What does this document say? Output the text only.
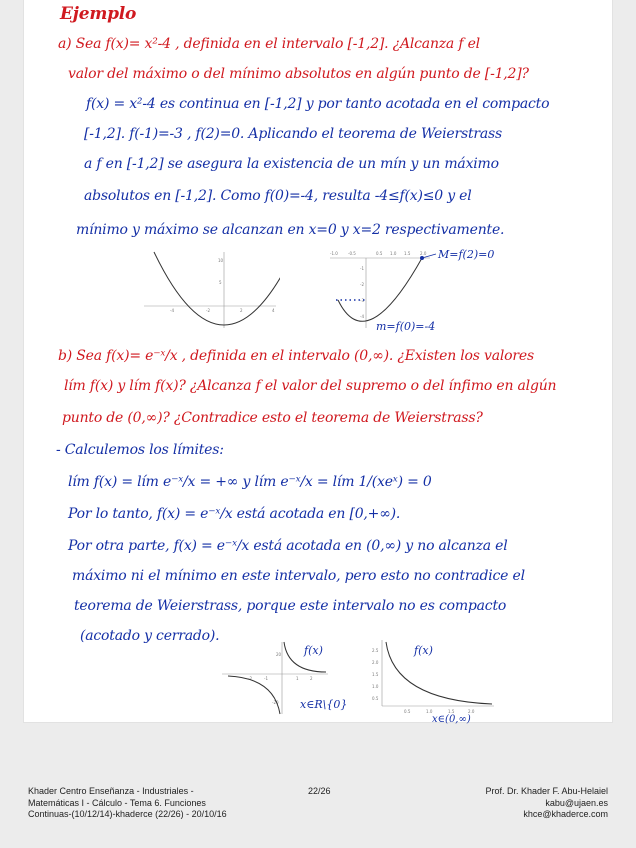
Ejemplo
a) Sea f(x)= x²-4 , definida en el intervalo [-1,2]. ¿Alcanza f el
valor del máximo o del mínimo absolutos en algún punto de [-1,2]?
f(x) = x²-4 es continua en [-1,2] y por tanto acotada en el compacto
[-1,2]. f(-1)=-3 , f(2)=0. Aplicando el teorema de Weierstrass
a f en [-1,2] se asegura la existencia de un mín y un máximo
absolutos en [-1,2]. Como f(0)=-4, resulta -4≤f(x)≤0 y el
mínimo y máximo se alcanzan en x=0 y x=2 respectivamente.
-4	-2	2	4
10
5
-1.0	-0.5	0.5 1.0 1.5 2.0
-1
-2
-3
-4
M=f(2)=0
m=f(0)=-4
b) Sea f(x)= e⁻ˣ/x , definida en el intervalo (0,∞). ¿Existen los valores
lím f(x) y lím f(x)? ¿Alcanza f el valor del supremo o del ínfimo en algún
punto de (0,∞)? ¿Contradice esto el teorema de Weierstrass?
- Calculemos los límites:
lím f(x) = lím e⁻ˣ/x = +∞ y lím e⁻ˣ/x = lím 1/(xeˣ) = 0
Por lo tanto, f(x) = e⁻ˣ/x está acotada en [0,+∞).
Por otra parte, f(x) = e⁻ˣ/x está acotada en (0,∞) y no alcanza el
máximo ni el mínimo en este intervalo, pero esto no contradice el
teorema de Weierstrass, porque este intervalo no es compacto
(acotado y cerrado).
-2	-1	1	2
20
-20
f(x)
x∈R\{0}
2.5
2.0
1.5
1.0
0.5
0.5	1.0	1.5	2.0
f(x)
x∈(0,∞)
Khader Centro Enseñanza - Industriales -
Matemáticas I - Cálculo - Tema 6. Funciones
Continuas-(10/12/14)-khaderce (22/26) - 20/10/16
22/26	Prof. Dr. Khader F. Abu-Helaiel
kabu@ujaen.es
khce@khaderce.com
